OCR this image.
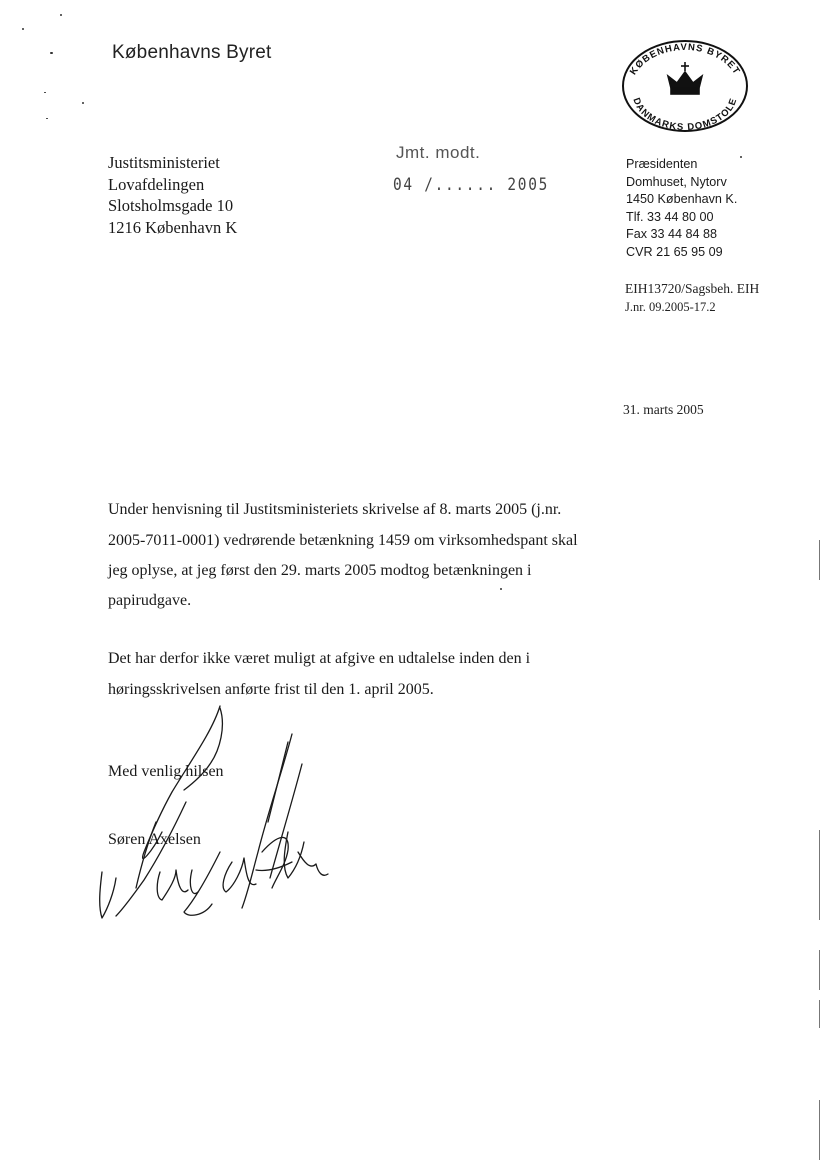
Københavns Byret
Justitsministeriet
Lovafdelingen
Slotsholmsgade 10
1216 København K
Jmt. modt.
04 /...... 2005
KØBENHAVNS BYRET
DANMARKS DOMSTOLE
Præsidenten
Domhuset, Nytorv
1450 København K.
Tlf. 33 44 80 00
Fax 33 44 84 88
CVR 21 65 95 09
EIH13720/Sagsbeh. EIH
J.nr. 09.2005-17.2
31. marts 2005
Under henvisning til Justitsministeriets skrivelse af 8. marts 2005 (j.nr.
2005-7011-0001) vedrørende betænkning 1459 om virksomhedspant skal
jeg oplyse, at jeg først den 29. marts 2005 modtog betænkningen i
papirudgave.
Det har derfor ikke været muligt at afgive en udtalelse inden den i
høringsskrivelsen anførte frist til den 1. april 2005.
Med venlig hilsen
Søren Axelsen
